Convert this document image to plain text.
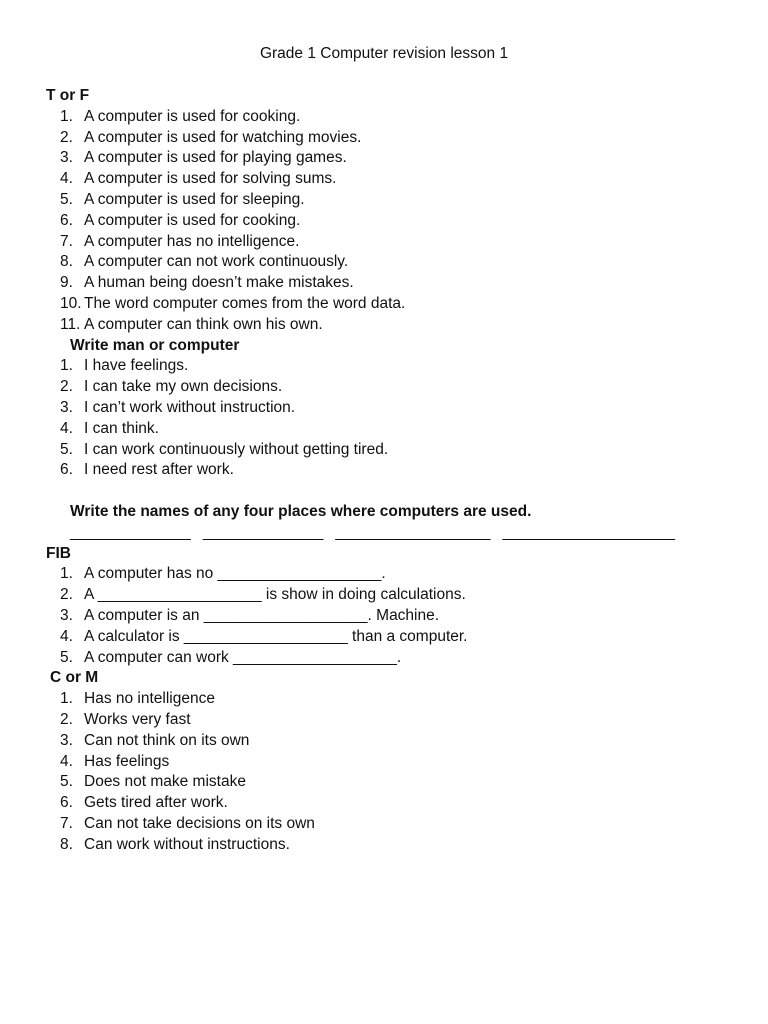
Grade 1 Computer revision lesson 1
T or F
1. A computer is used for cooking.
2. A computer is used for watching movies.
3. A computer is used for playing games.
4. A computer is used for solving sums.
5. A computer is used for sleeping.
6. A computer is used for cooking.
7. A computer has no intelligence.
8. A computer can not work continuously.
9. A human being doesn’t make mistakes.
10. The word computer comes from the word data.
11. A computer can think own his own.
Write man or computer
1. I have feelings.
2. I can take my own decisions.
3. I can’t work without instruction.
4. I can think.
5. I can work continuously without getting tired.
6. I need rest after work.
Write the names of any four places where computers are used.
______________ ______________ __________________ ____________________
FIB
1. A computer has no ___________________.
2. A ___________________ is show in doing calculations.
3. A computer is an ___________________. Machine.
4. A calculator is ___________________ than a computer.
5. A computer can work ___________________.
C or M
1. Has no intelligence
2. Works very fast
3. Can not think on its own
4. Has feelings
5. Does not make mistake
6. Gets tired after work.
7. Can not take decisions on its own
8. Can work without instructions.
